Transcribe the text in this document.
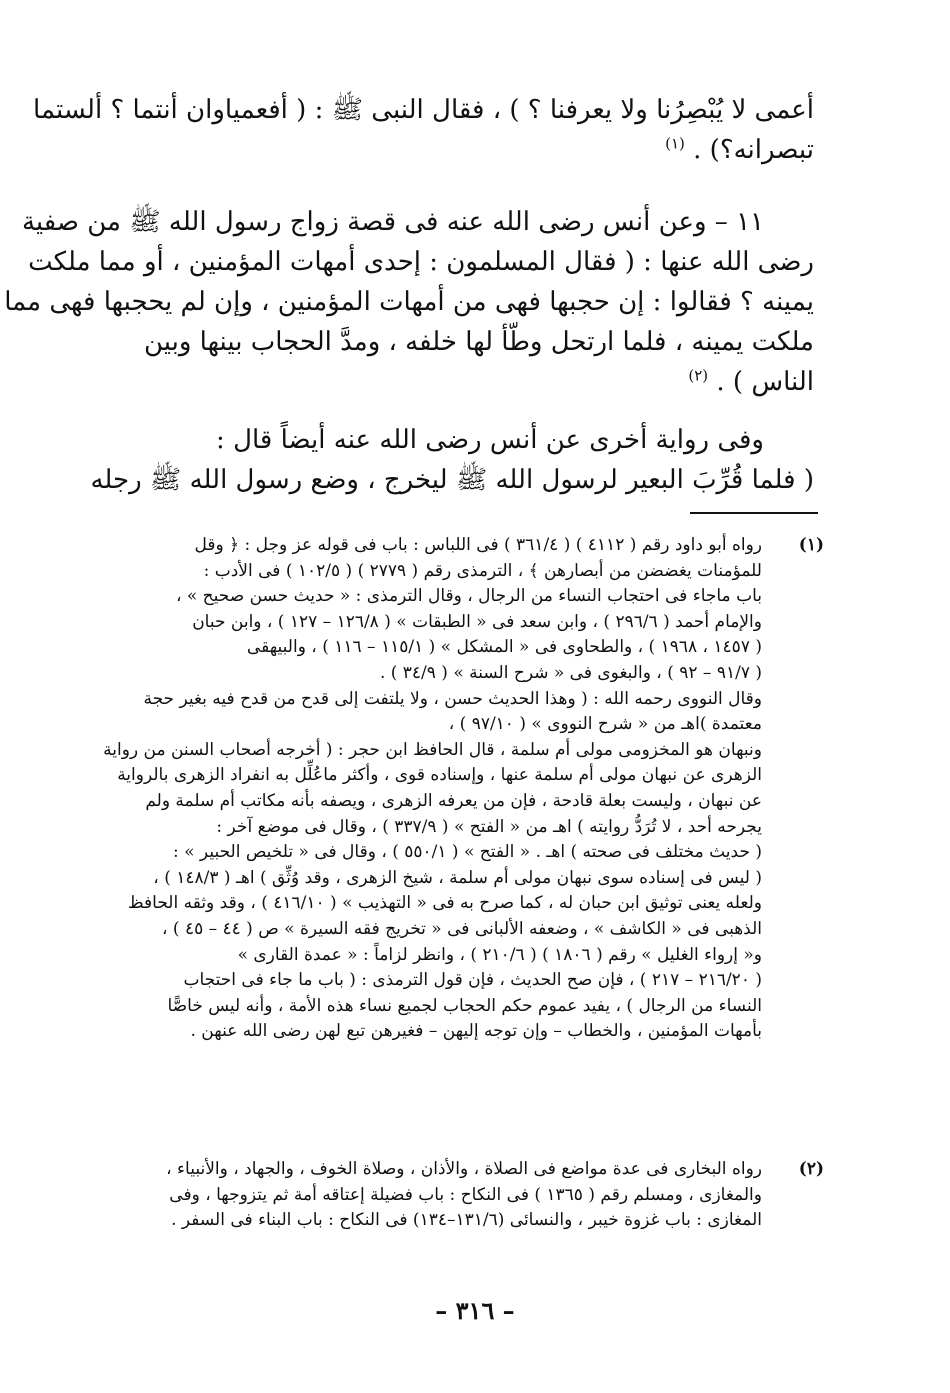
أعمى لا يُبْصِرُنا ولا يعرفنا ؟ ) ، فقال النبى ﷺ : ( أفعمياوان أنتما ؟ ألستما
تبصرانه؟) . $^{(١)}$
١١ – وعن أنس رضى الله عنه فى قصة زواج رسول الله ﷺ من صفية
رضى الله عنها : ( فقال المسلمون : إحدى أمهات المؤمنين ، أو مما ملكت
يمينه ؟ فقالوا : إن حجبها فهى من أمهات المؤمنين ، وإن لم يحجبها فهى مما
ملكت يمينه ، فلما ارتحل وطّأ لها خلفه ، ومدَّ الحجاب بينها وبين
الناس ) . $^{(٢)}$
وفى رواية أخرى عن أنس رضى الله عنه أيضاً قال :
( فلما قُرِّبَ البعير لرسول الله ﷺ ليخرج ، وضع رسول الله ﷺ رجله
(١)
رواه أبو داود رقم ( ٤١١٢ ) ( ٣٦١/٤ ) فى اللباس : باب فى قوله عز وجل : ﴿ وقل
للمؤمنات يغضضن من أبصارهن ﴾ ، الترمذى رقم ( ٢٧٧٩ ) ( ١٠٢/٥ ) فى الأدب :
باب ماجاء فى احتجاب النساء من الرجال ، وقال الترمذى : « حديث حسن صحيح » ،
والإمام أحمد ( ٢٩٦/٦ ) ، وابن سعد فى « الطبقات » ( ١٢٦/٨ – ١٢٧ ) ، وابن حبان
( ١٤٥٧ ، ١٩٦٨ ) ، والطحاوى فى « المشكل » ( ١١٥/١ – ١١٦ ) ، والبيهقى
( ٩١/٧ – ٩٢ ) ، والبغوى فى « شرح السنة » ( ٣٤/٩ ) .
وقال النووى رحمه الله : ( وهذا الحديث حسن ، ولا يلتفت إلى قدح من قدح فيه بغير حجة
معتمدة )اهـ من « شرح النووى » ( ٩٧/١٠ ) ،
ونبهان هو المخزومى مولى أم سلمة ، قال الحافظ ابن حجر : ( أخرجه أصحاب السنن من رواية
الزهرى عن نبهان مولى أم سلمة عنها ، وإسناده قوى ، وأكثر ماعُلِّل به انفراد الزهرى بالرواية
عن نبهان ، وليست بعلة قادحة ، فإن من يعرفه الزهرى ، ويصفه بأنه مكاتب أم سلمة ولم
يجرحه أحد ، لا تُرَدُّ روايته ) اهـ من « الفتح » ( ٣٣٧/٩ ) ، وقال فى موضع آخر :
( حديث مختلف فى صحته ) اهـ . « الفتح » ( ٥٥٠/١ ) ، وقال فى « تلخيص الحبير » :
( ليس فى إسناده سوى نبهان مولى أم سلمة ، شيخ الزهرى ، وقد وُثِّق ) اهـ ( ١٤٨/٣ ) ،
ولعله يعنى توثيق ابن حبان له ، كما صرح به فى « التهذيب » ( ٤١٦/١٠ ) ، وقد وثقه الحافظ
الذهبى فى « الكاشف » ، وضعفه الألبانى فى « تخريج فقه السيرة » ص ( ٤٤ – ٤٥ ) ،
و« إرواء الغليل » رقم ( ١٨٠٦ ) ( ٢١٠/٦ ) ، وانظر لزاماً : « عمدة القارى »
( ٢١٦/٢٠ – ٢١٧ ) ، فإن صح الحديث ، فإن قول الترمذى : ( باب ما جاء فى احتجاب
النساء من الرجال ) ، يفيد عموم حكم الحجاب لجميع نساء هذه الأمة ، وأنه ليس خاصًّا
بأمهات المؤمنين ، والخطاب – وإن توجه إليهن – فغيرهن تبع لهن رضى الله عنهن .
(٢)
رواه البخارى فى عدة مواضع فى الصلاة ، والأذان ، وصلاة الخوف ، والجهاد ، والأنبياء ،
والمغازى ، ومسلم رقم ( ١٣٦٥ ) فى النكاح : باب فضيلة إعتاقه أمة ثم يتزوجها ، وفى
المغازى : باب غزوة خيبر ، والنسائى (١٣١/٦–١٣٤) فى النكاح : باب البناء فى السفر .
– ٣١٦ –
